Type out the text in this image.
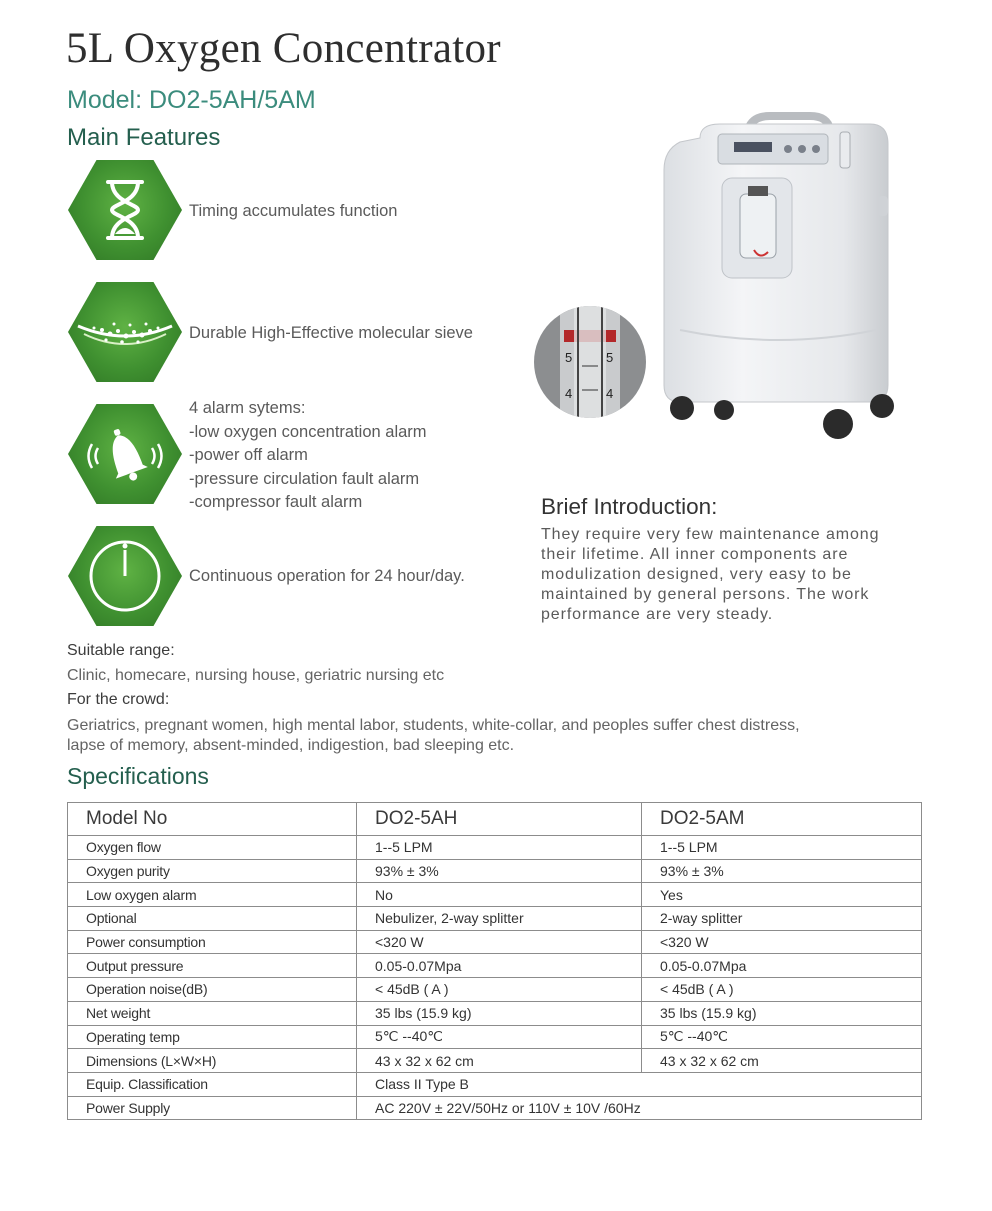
5L Oxygen Concentrator
Model: DO2-5AH/5AM
Main Features
Timing accumulates function
Durable High-Effective molecular sieve
4 alarm sytems:
-low oxygen concentration alarm
-power off alarm
-pressure circulation fault alarm
-compressor fault alarm
Continuous operation for 24 hour/day.
5	5
4	4
Brief Introduction:
They require very few maintenance among
their lifetime. All inner components are
modulization designed, very easy to be
maintained by general persons. The work
performance are very steady.
Suitable range:
Clinic, homecare, nursing house, geriatric nursing etc
For the crowd:
Geriatrics, pregnant women, high mental labor, students, white-collar, and peoples suffer chest distress,
lapse of memory, absent-minded, indigestion, bad sleeping etc.
Specifications
Model No	DO2-5AH	DO2-5AM
Oxygen flow	1--5 LPM	1--5 LPM
Oxygen purity	93% ± 3%	93% ± 3%
Low oxygen alarm	No	Yes
Optional	Nebulizer, 2-way splitter	2-way splitter
Power consumption	<320 W	<320 W
Output pressure	0.05-0.07Mpa	0.05-0.07Mpa
Operation noise(dB)	< 45dB ( A )	< 45dB ( A )
Net weight	35 lbs (15.9 kg)	35 lbs (15.9 kg)
Operating temp	5℃ --40℃	5℃ --40℃
Dimensions (L×W×H)	43 x 32 x 62 cm	43 x 32 x 62 cm
Equip. Classification	Class II Type B	
Power Supply	AC 220V ± 22V/50Hz or 110V ± 10V /60Hz	
